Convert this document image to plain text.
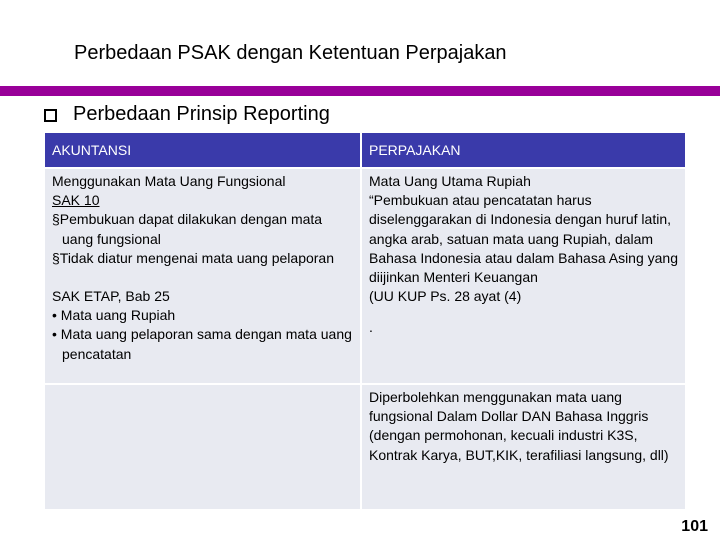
Perbedaan PSAK dengan Ketentuan Perpajakan
Perbedaan Prinsip Reporting
AKUNTANSI	PERPAJAKAN

Menggunakan Mata Uang Fungsional

SAK 10

§Pembukuan dapat dilakukan dengan mata uang fungsional
§Tidak diatur mengenai mata uang pelaporan

SAK ETAP, Bab 25

• Mata uang Rupiah
• Mata uang pelaporan sama dengan mata uang pencatatan

Mata Uang Utama Rupiah

“Pembukuan atau pencatatan harus diselenggarakan di Indonesia dengan huruf latin, angka arab, satuan mata uang Rupiah, dalam Bahasa Indonesia atau dalam Bahasa Asing yang diijinkan Menteri Keuangan

(UU KUP Ps. 28 ayat (4)

.

Diperbolehkan menggunakan mata uang fungsional Dalam Dollar DAN Bahasa Inggris (dengan permohonan, kecuali industri K3S, Kontrak Karya, BUT,KIK, terafiliasi langsung, dll)

101
